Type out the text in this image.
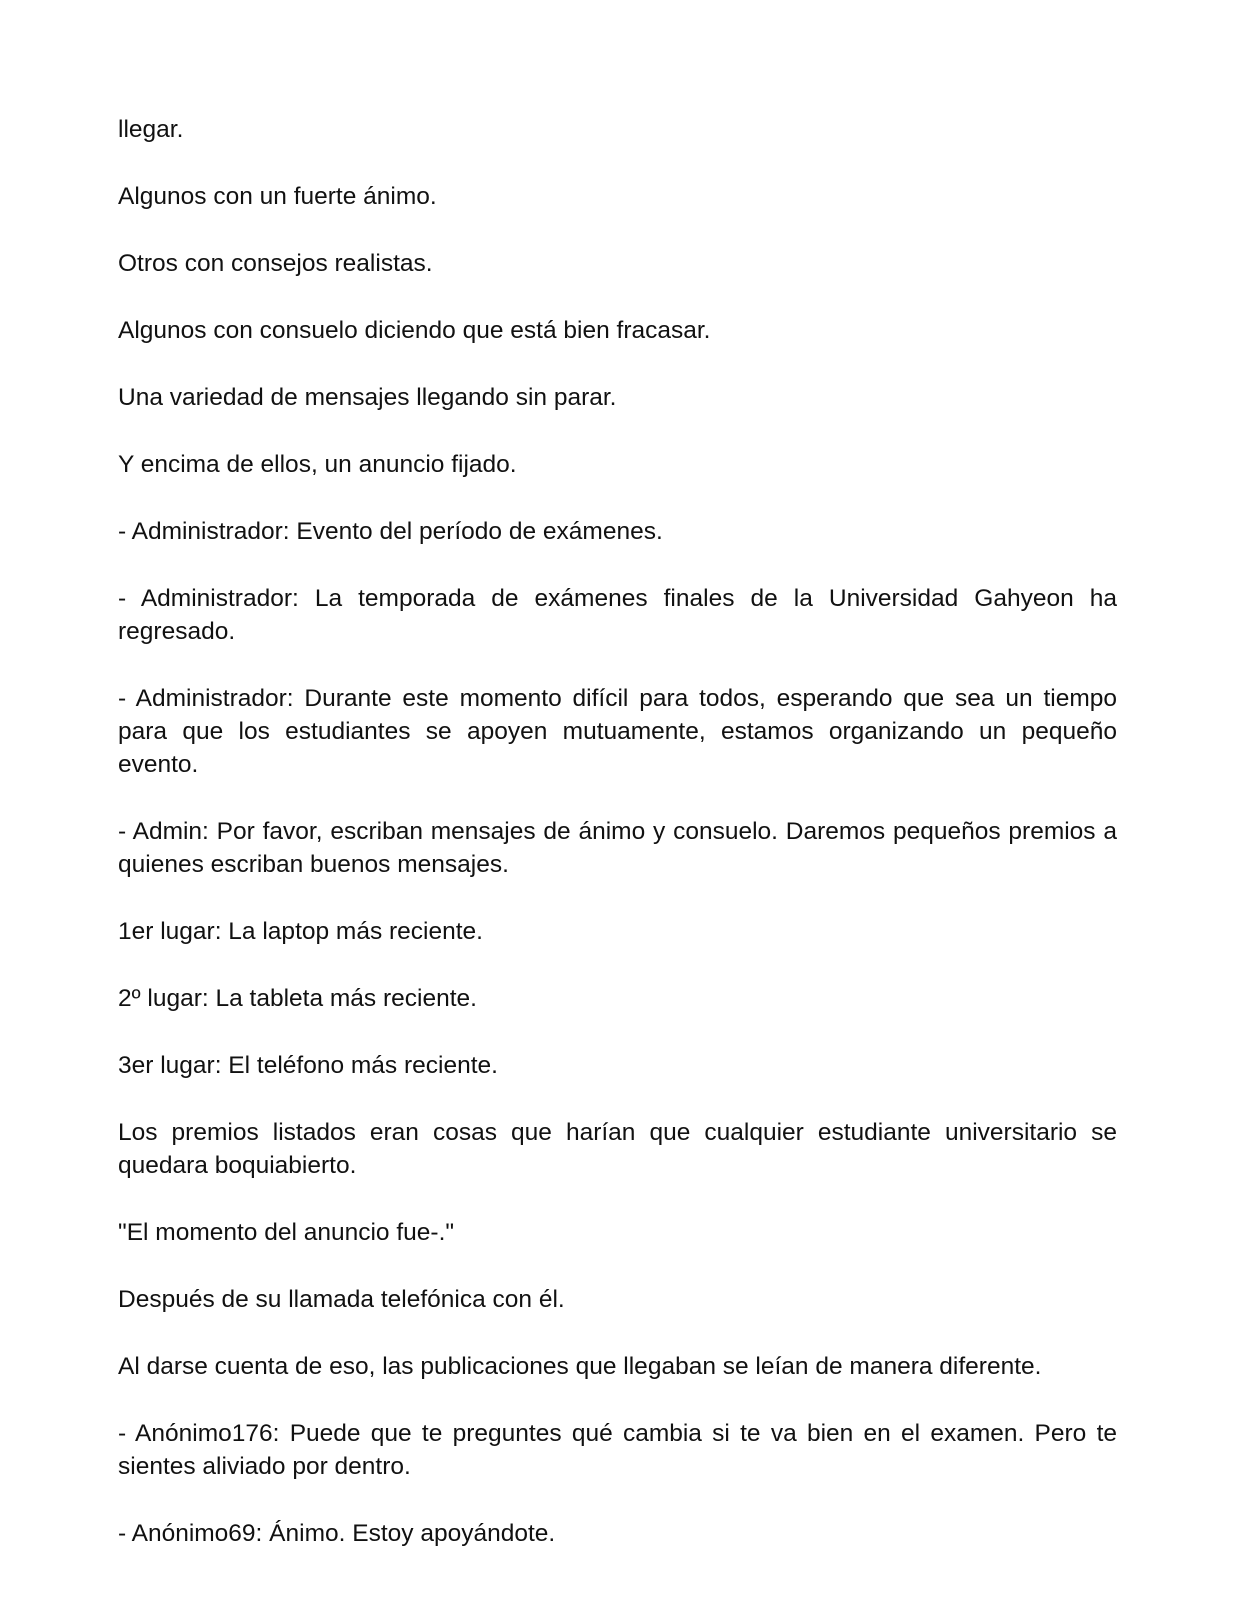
llegar.

Algunos con un fuerte ánimo.

Otros con consejos realistas.

Algunos con consuelo diciendo que está bien fracasar.

Una variedad de mensajes llegando sin parar.

Y encima de ellos, un anuncio fijado.

- Administrador: Evento del período de exámenes.

- Administrador: La temporada de exámenes finales de la Universidad Gahyeon ha regresado.

- Administrador: Durante este momento difícil para todos, esperando que sea un tiempo para que los estudiantes se apoyen mutuamente, estamos organizando un pequeño evento.

- Admin: Por favor, escriban mensajes de ánimo y consuelo. Daremos pequeños premios a quienes escriban buenos mensajes.

1er lugar: La laptop más reciente.

2º lugar: La tableta más reciente.

3er lugar: El teléfono más reciente.

Los premios listados eran cosas que harían que cualquier estudiante universitario se quedara boquiabierto.

"El momento del anuncio fue-."

Después de su llamada telefónica con él.

Al darse cuenta de eso, las publicaciones que llegaban se leían de manera diferente.

- Anónimo176: Puede que te preguntes qué cambia si te va bien en el examen. Pero te sientes aliviado por dentro.

- Anónimo69: Ánimo. Estoy apoyándote.
